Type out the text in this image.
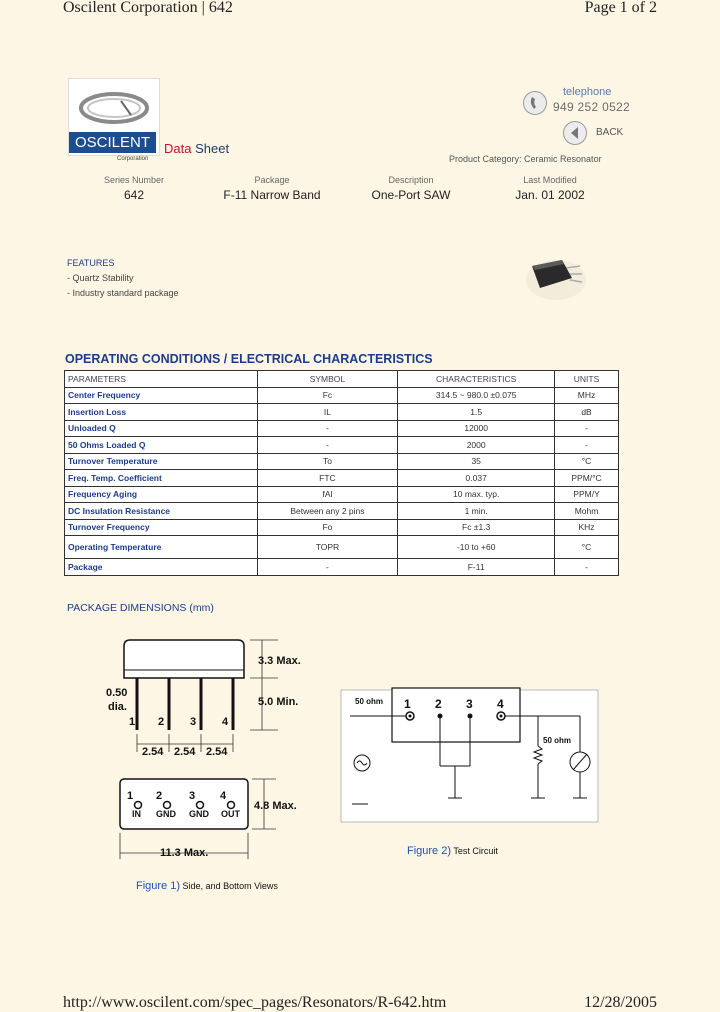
Oscilent Corporation | 642	Page 1 of 2
OSCILENT
Corporation
Data Sheet
telephone
949 252 0522
BACK
Product Category: Ceramic Resonator
Series Number
642
Package
F-11 Narrow Band
Description
One-Port SAW
Last Modified
Jan. 01 2002
FEATURES
- Quartz Stability
- Industry standard package
OPERATING CONDITIONS / ELECTRICAL CHARACTERISTICS
PARAMETERS	SYMBOL	CHARACTERISTICS	UNITS
Center Frequency	Fc	314.5 ~ 980.0 ±0.075	MHz
Insertion Loss	IL	1.5	dB
Unloaded Q	-	12000	-
50 Ohms Loaded Q	-	2000	-
Turnover Temperature	To	35	°C
Freq. Temp. Coefficient	FTC	0.037	PPM/°C
Frequency Aging	fAl	10 max. typ.	PPM/Y
DC Insulation Resistance	Between any 2 pins	1 min.	Mohm
Turnover Frequency	Fo	Fc ±1.3	KHz
Operating Temperature	TOPR	-10 to +60	°C
Package	-	F-11	-
PACKAGE DIMENSIONS (mm)
3.3 Max.
5.0 Min.
0.50
dia.
1 2 3 4
2.54 2.54 2.54
4.8 Max.
11.3 Max.
1 2 3 4
IN GND GND OUT
Figure 1) Side, and Bottom Views
50 ohm
50 ohm
1 2 3 4
Figure 2) Test Circuit
http://www.oscilent.com/spec_pages/Resonators/R-642.htm	12/28/2005
